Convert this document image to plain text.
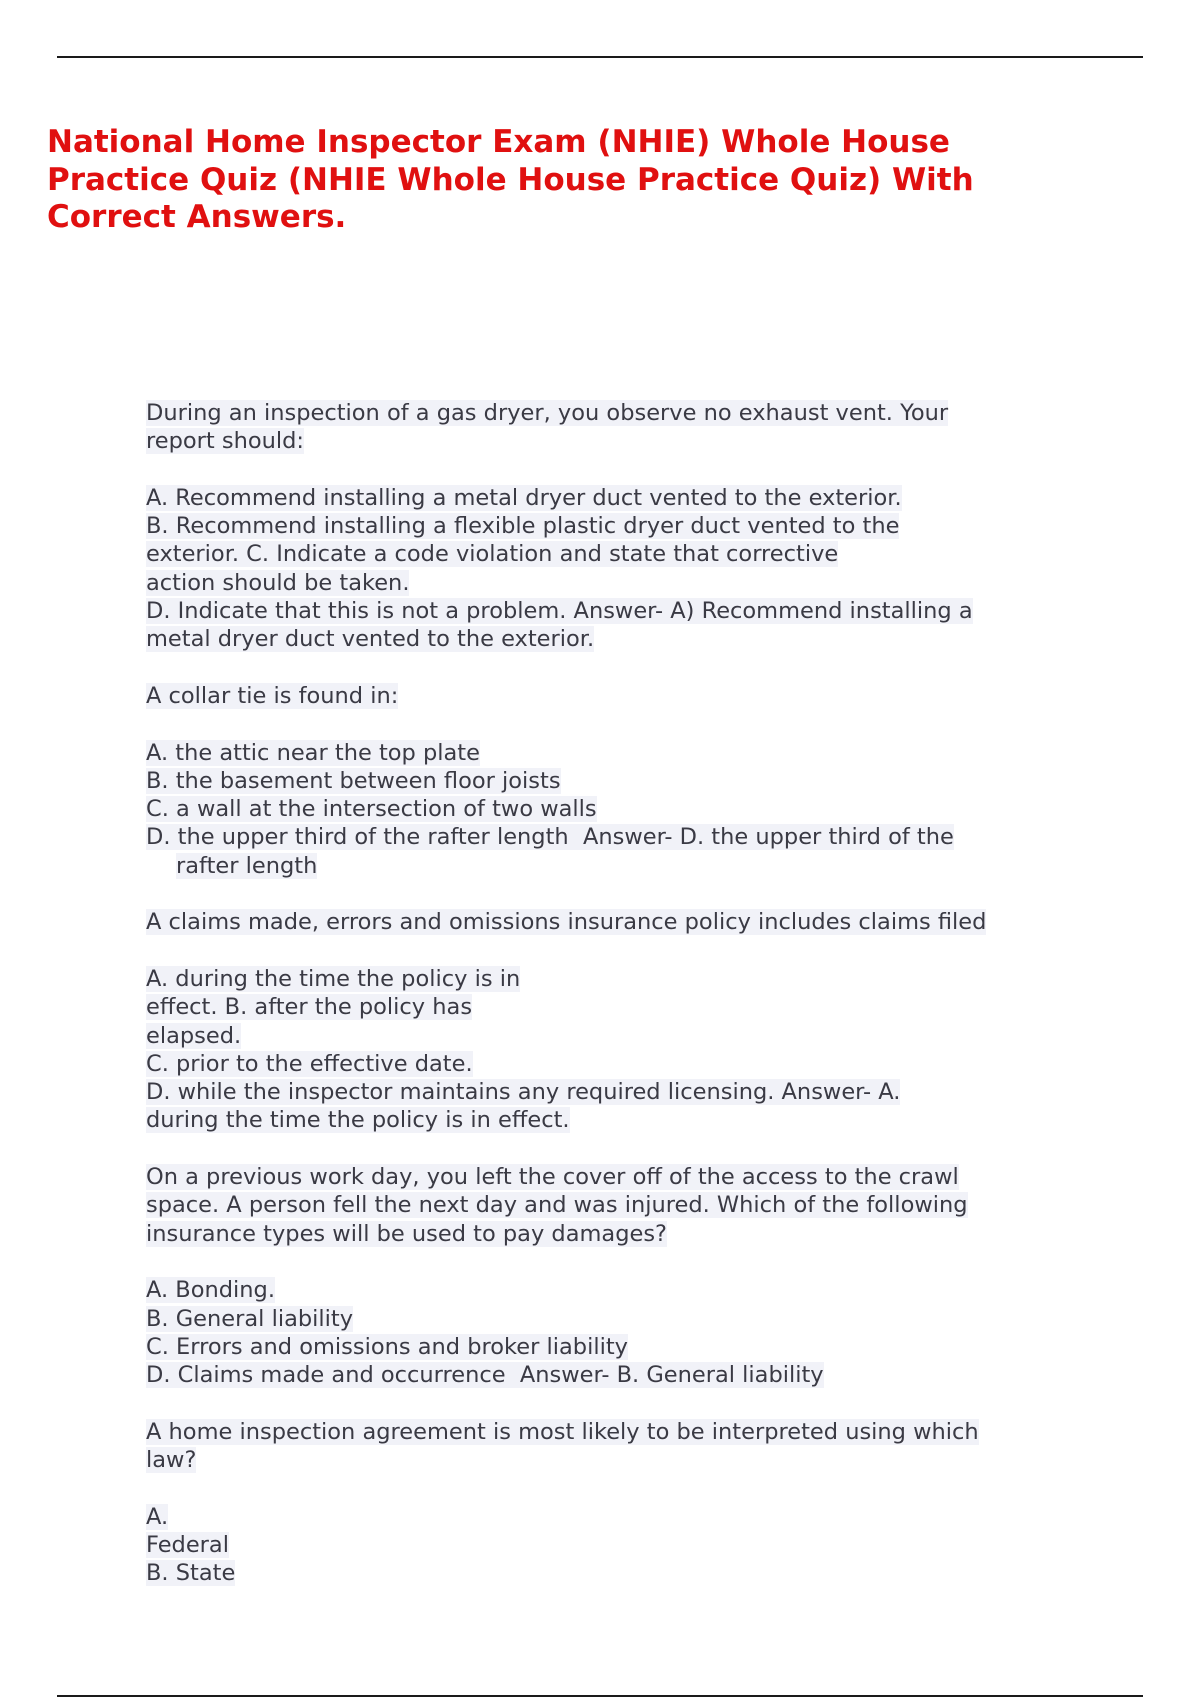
National Home Inspector Exam (NHIE) Whole House
Practice Quiz (NHIE Whole House Practice Quiz) With
Correct Answers.
During an inspection of a gas dryer, you observe no exhaust vent. Your
report should:
A. Recommend installing a metal dryer duct vented to the exterior.
B. Recommend installing a flexible plastic dryer duct vented to the
exterior. C. Indicate a code violation and state that corrective
action should be taken.
D. Indicate that this is not a problem. Answer- A) Recommend installing a
metal dryer duct vented to the exterior.
A collar tie is found in:
A. the attic near the top plate
B. the basement between floor joists
C. a wall at the intersection of two walls
D. the upper third of the rafter length  Answer- D. the upper third of the
rafter length
A claims made, errors and omissions insurance policy includes claims filed
A. during the time the policy is in
effect. B. after the policy has
elapsed.
C. prior to the effective date.
D. while the inspector maintains any required licensing. Answer- A.
during the time the policy is in effect.
On a previous work day, you left the cover off of the access to the crawl
space. A person fell the next day and was injured. Which of the following
insurance types will be used to pay damages?
A. Bonding.
B. General liability
C. Errors and omissions and broker liability
D. Claims made and occurrence  Answer- B. General liability
A home inspection agreement is most likely to be interpreted using which
law?
A.
Federal
B. State
